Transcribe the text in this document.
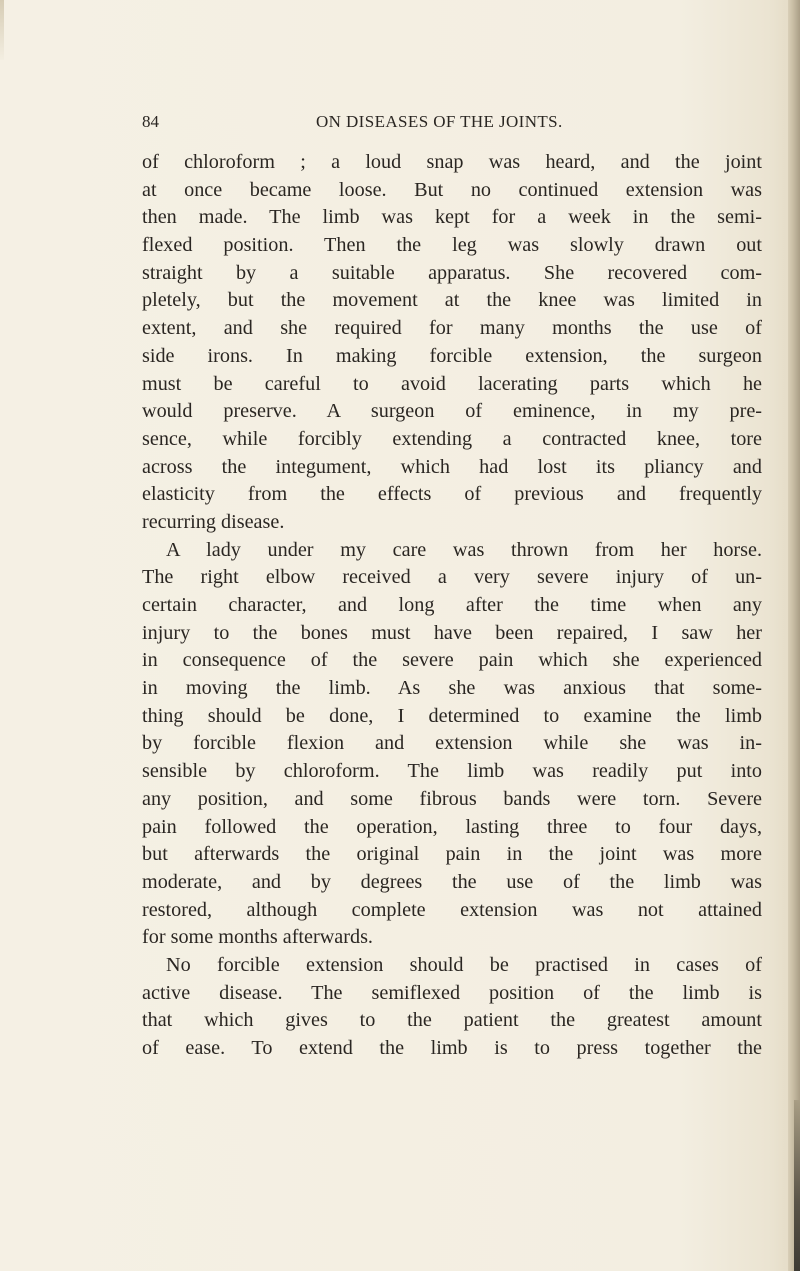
84	ON DISEASES OF THE JOINTS.
of chloroform ; a loud snap was heard, and the joint
at once became loose. But no continued extension was
then made. The limb was kept for a week in the semi-
flexed position. Then the leg was slowly drawn out
straight by a suitable apparatus. She recovered com-
pletely, but the movement at the knee was limited in
extent, and she required for many months the use of
side irons. In making forcible extension, the surgeon
must be careful to avoid lacerating parts which he
would preserve. A surgeon of eminence, in my pre-
sence, while forcibly extending a contracted knee, tore
across the integument, which had lost its pliancy and
elasticity from the effects of previous and frequently
recurring disease.
A lady under my care was thrown from her horse.
The right elbow received a very severe injury of un-
certain character, and long after the time when any
injury to the bones must have been repaired, I saw her
in consequence of the severe pain which she experienced
in moving the limb. As she was anxious that some-
thing should be done, I determined to examine the limb
by forcible flexion and extension while she was in-
sensible by chloroform. The limb was readily put into
any position, and some fibrous bands were torn. Severe
pain followed the operation, lasting three to four days,
but afterwards the original pain in the joint was more
moderate, and by degrees the use of the limb was
restored, although complete extension was not attained
for some months afterwards.
No forcible extension should be practised in cases of
active disease. The semiflexed position of the limb is
that which gives to the patient the greatest amount
of ease. To extend the limb is to press together the
